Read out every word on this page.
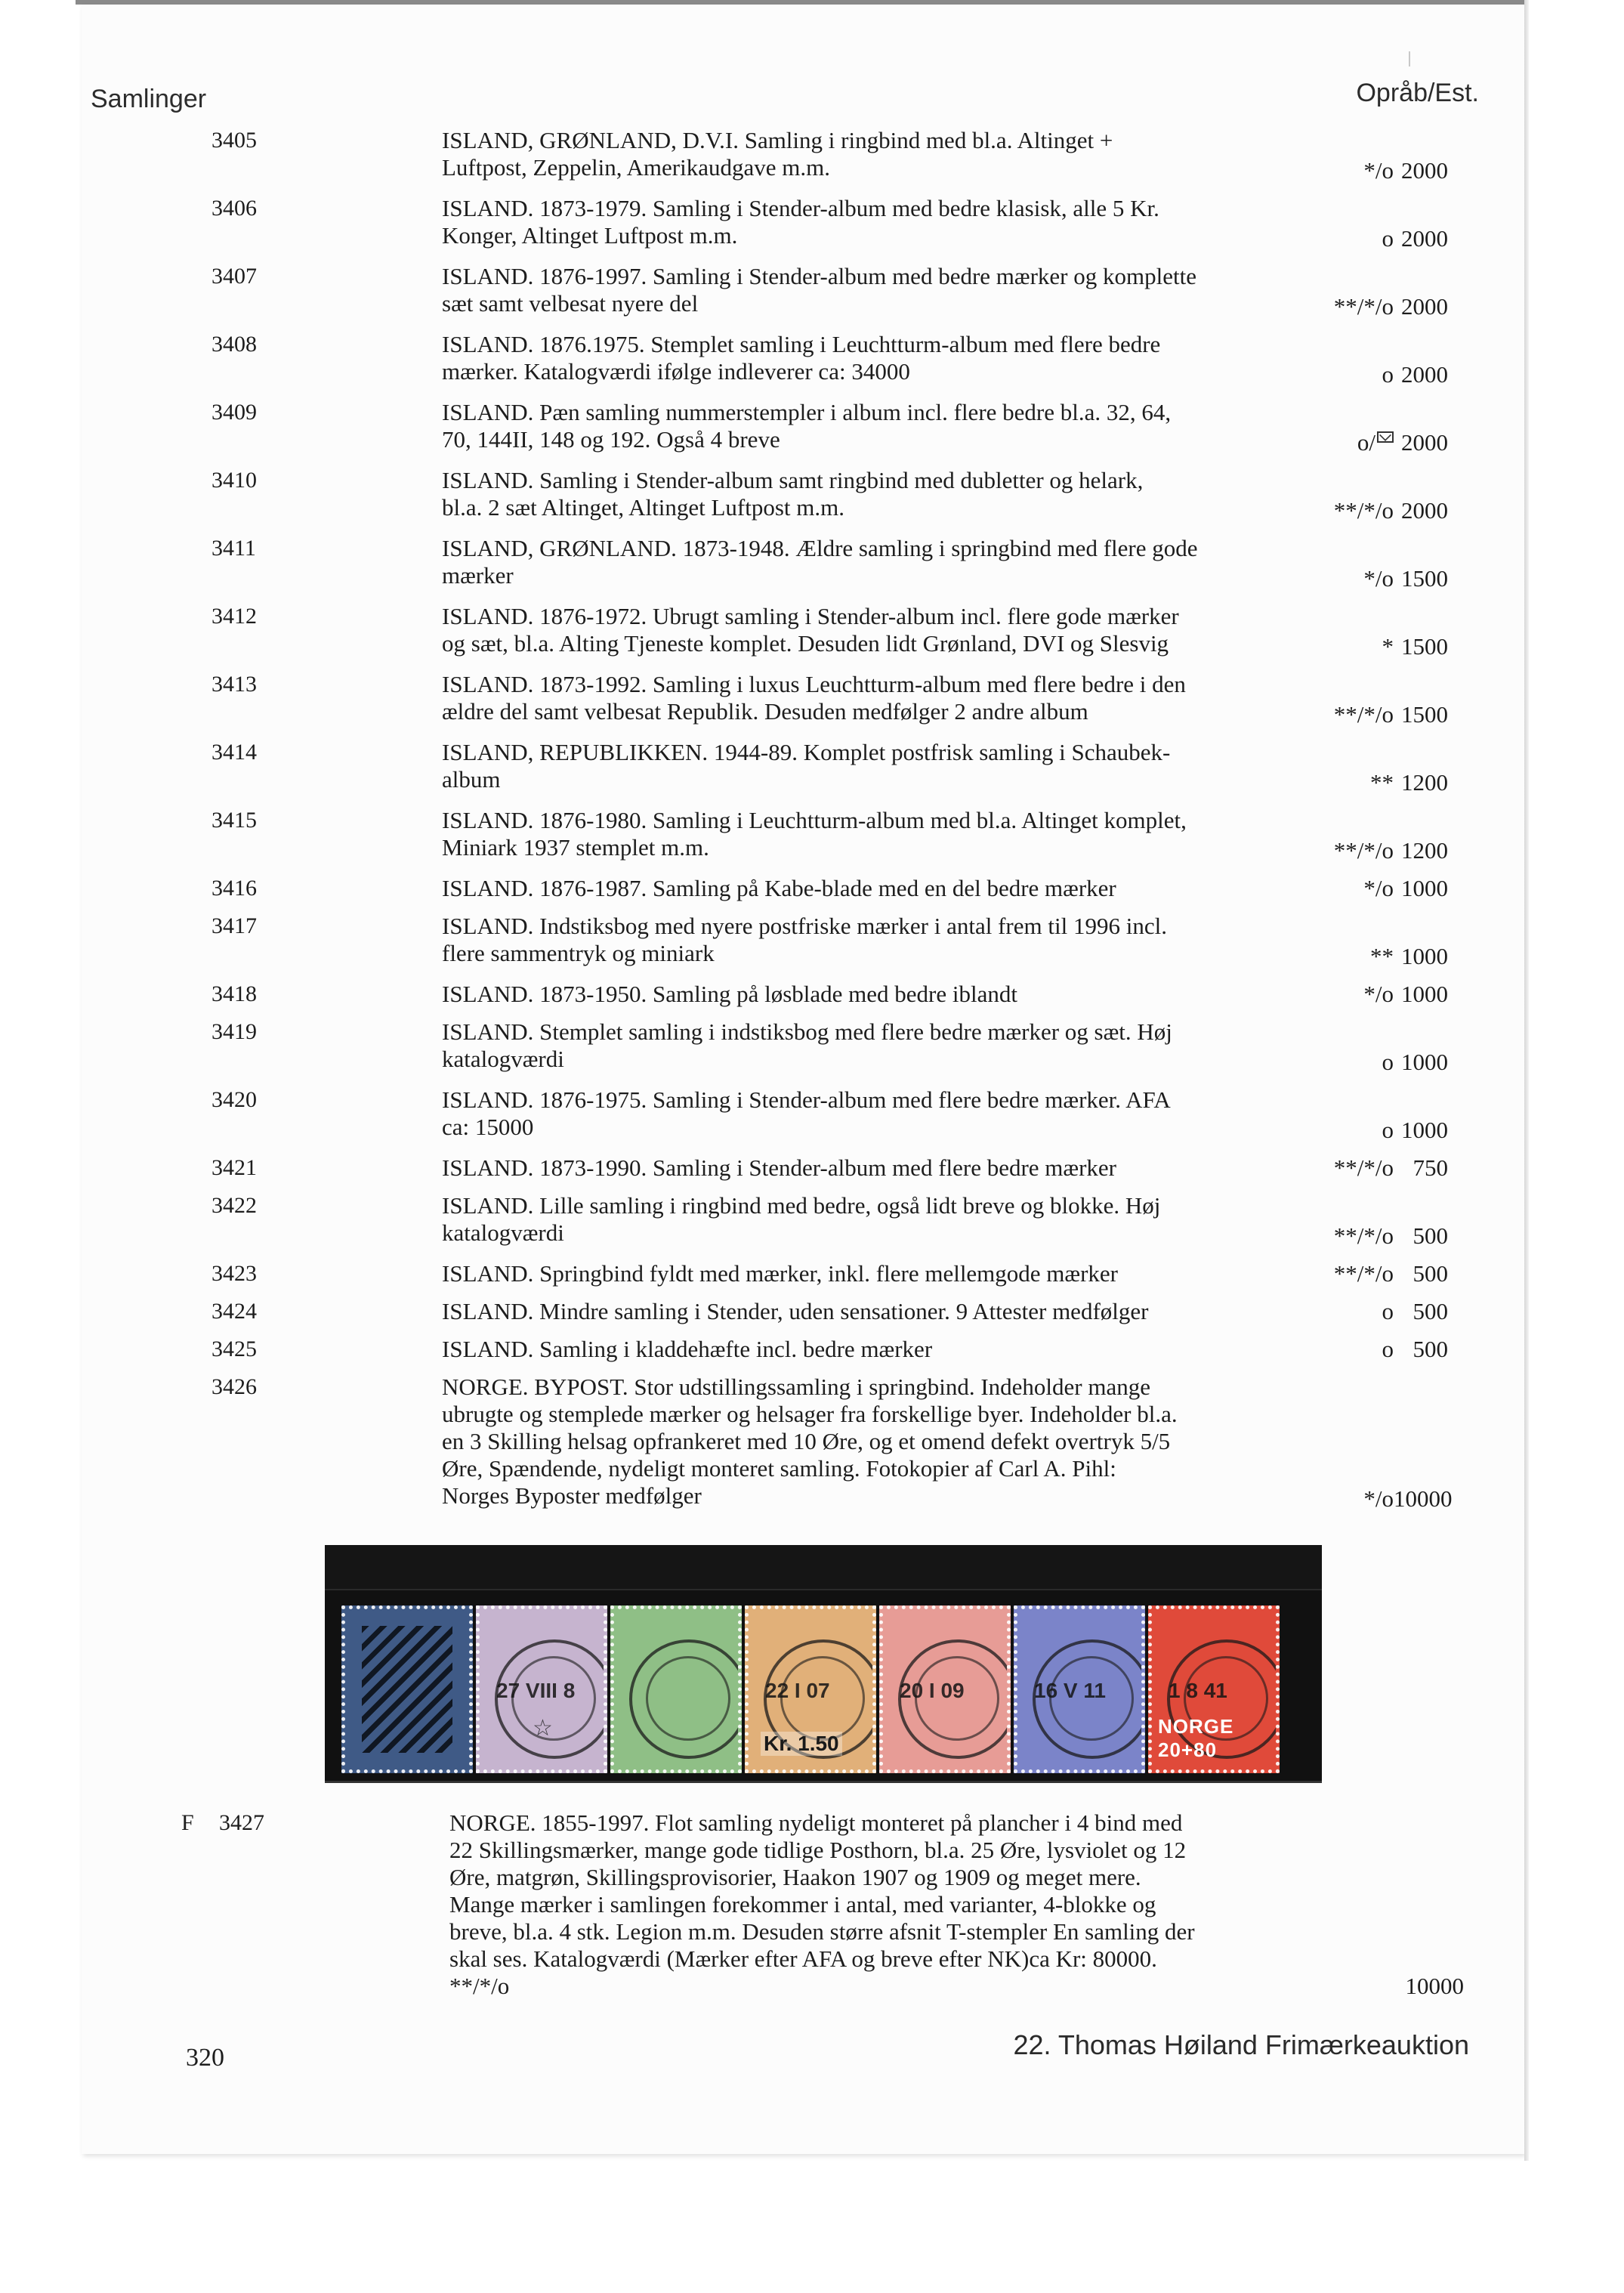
Samlinger	Opråb/Est.
3405	ISLAND, GRØNLAND, D.V.I. Samling i ringbind med bl.a. Altinget +
Luftpost, Zeppelin, Amerikaudgave m.m.	*/o 2000
3406	ISLAND. 1873-1979. Samling i Stender-album med bedre klasisk, alle 5 Kr.
Konger, Altinget Luftpost m.m.	o 2000
3407	ISLAND. 1876-1997. Samling i Stender-album med bedre mærker og komplette
sæt samt velbesat nyere del	**/*/o 2000
3408	ISLAND. 1876.1975. Stemplet samling i Leuchtturm-album med flere bedre
mærker. Katalogværdi ifølge indleverer ca: 34000	o 2000
3409	ISLAND. Pæn samling nummerstempler i album incl. flere bedre bl.a. 32, 64,
70, 144II, 148 og 192. Også 4 breve	o/	2000
3410	ISLAND. Samling i Stender-album samt ringbind med dubletter og helark,
bl.a. 2 sæt Altinget, Altinget Luftpost m.m.	**/*/o 2000
3411	ISLAND, GRØNLAND. 1873-1948. Ældre samling i springbind med flere gode
mærker	*/o 1500
3412	ISLAND. 1876-1972. Ubrugt samling i Stender-album incl. flere gode mærker
og sæt, bl.a. Alting Tjeneste komplet. Desuden lidt Grønland, DVI og Slesvig	* 1500
3413	ISLAND. 1873-1992. Samling i luxus Leuchtturm-album med flere bedre i den
ældre del samt velbesat Republik. Desuden medfølger 2 andre album	**/*/o 1500
3414	ISLAND, REPUBLIKKEN. 1944-89. Komplet postfrisk samling i Schaubek-
album	** 1200
3415	ISLAND. 1876-1980. Samling i Leuchtturm-album med bl.a. Altinget komplet,
Miniark 1937 stemplet m.m.	**/*/o 1200
3416	ISLAND. 1876-1987. Samling på Kabe-blade med en del bedre mærker	*/o 1000
3417	ISLAND. Indstiksbog med nyere postfriske mærker i antal frem til 1996 incl.
flere sammentryk og miniark	** 1000
3418	ISLAND. 1873-1950. Samling på løsblade med bedre iblandt	*/o 1000
3419	ISLAND. Stemplet samling i indstiksbog med flere bedre mærker og sæt. Høj
katalogværdi	o 1000
3420	ISLAND. 1876-1975. Samling i Stender-album med flere bedre mærker. AFA
ca: 15000	o 1000
3421	ISLAND. 1873-1990. Samling i Stender-album med flere bedre mærker	**/*/o 750
3422	ISLAND. Lille samling i ringbind med bedre, også lidt breve og blokke. Høj
katalogværdi	**/*/o 500
3423	ISLAND. Springbind fyldt med mærker, inkl. flere mellemgode mærker	**/*/o 500
3424	ISLAND. Mindre samling i Stender, uden sensationer. 9 Attester medfølger	o 500
3425	ISLAND. Samling i kladdehæfte incl. bedre mærker	o 500
3426	NORGE. BYPOST. Stor udstillingssamling i springbind. Indeholder mange
ubrugte og stemplede mærker og helsager fra forskellige byer. Indeholder bl.a.
en 3 Skilling helsag opfrankeret med 10 Øre, og et omend defekt overtryk 5/5
Øre, Spændende, nydeligt monteret samling. Fotokopier af Carl A. Pihl:
Norges Byposter medfølger	*/o 10000
27 VIII 8
☆
22 I 07
Kr. 1.50
20 I 09	16 V 11	1 8 41
NORGE 20+80
F 3427	NORGE. 1855-1997. Flot samling nydeligt monteret på plancher i 4 bind med
22 Skillingsmærker, mange gode tidlige Posthorn, bl.a. 25 Øre, lysviolet og 12
Øre, matgrøn, Skillingsprovisorier, Haakon 1907 og 1909 og meget mere.
Mange mærker i samlingen forekommer i antal, med varianter, 4-blokke og
breve, bl.a. 4 stk. Legion m.m. Desuden større afsnit T-stempler En samling der
skal ses. Katalogværdi (Mærker efter AFA og breve efter NK)ca Kr: 80000.
**/*/o	10000
320	22. Thomas Høiland Frimærkeauktion
